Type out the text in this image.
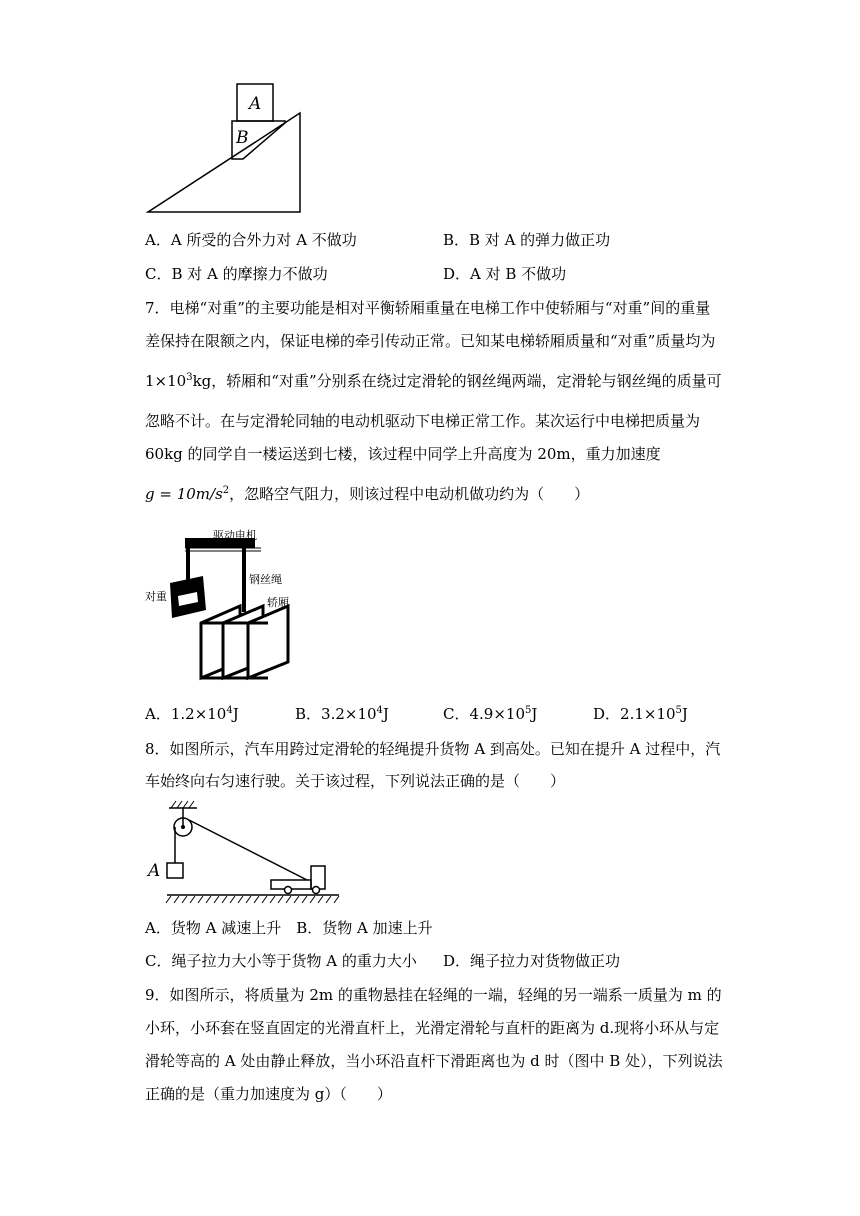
A
B
A．A 所受的合外力对 A 不做功	B．B 对 A 的弹力做正功
C．B 对 A 的摩擦力不做功	D．A 对 B 不做功
7．电梯“对重”的主要功能是相对平衡轿厢重量在电梯工作中使轿厢与“对重”间的重量
差保持在限额之内，保证电梯的牵引传动正常。已知某电梯轿厢质量和“对重”质量均为
$1\times 10^3kg$，轿厢和“对重”分别系在绕过定滑轮的钢丝绳两端，定滑轮与钢丝绳的质量可
忽略不计。在与定滑轮同轴的电动机驱动下电梯正常工作。某次运行中电梯把质量为
60kg 的同学自一楼运送到七楼，该过程中同学上升高度为 20m，重力加速度
$g = 10m/s^2$，忽略空气阻力，则该过程中电动机做功约为（　　）
驱动电机
钢丝绳
对重	轿厢
A．$1.2\times 10^4J$	B．$3.2\times 10^4J$	C．$4.9\times 10^5J$	D．$2.1\times 10^5J$
8．如图所示，汽车用跨过定滑轮的轻绳提升货物 A 到高处。已知在提升 A 过程中，汽
车始终向右匀速行驶。关于该过程，下列说法正确的是（　　）
A
A．货物 A 减速上升　B．货物 A 加速上升
C．绳子拉力大小等于货物 A 的重力大小 D．绳子拉力对货物做正功
9．如图所示，将质量为 2m 的重物悬挂在轻绳的一端，轻绳的另一端系一质量为 m 的
小环，小环套在竖直固定的光滑直杆上，光滑定滑轮与直杆的距离为 d.现将小环从与定
滑轮等高的 A 处由静止释放，当小环沿直杆下滑距离也为 d 时（图中 B 处），下列说法
正确的是（重力加速度为 g）（　　）
